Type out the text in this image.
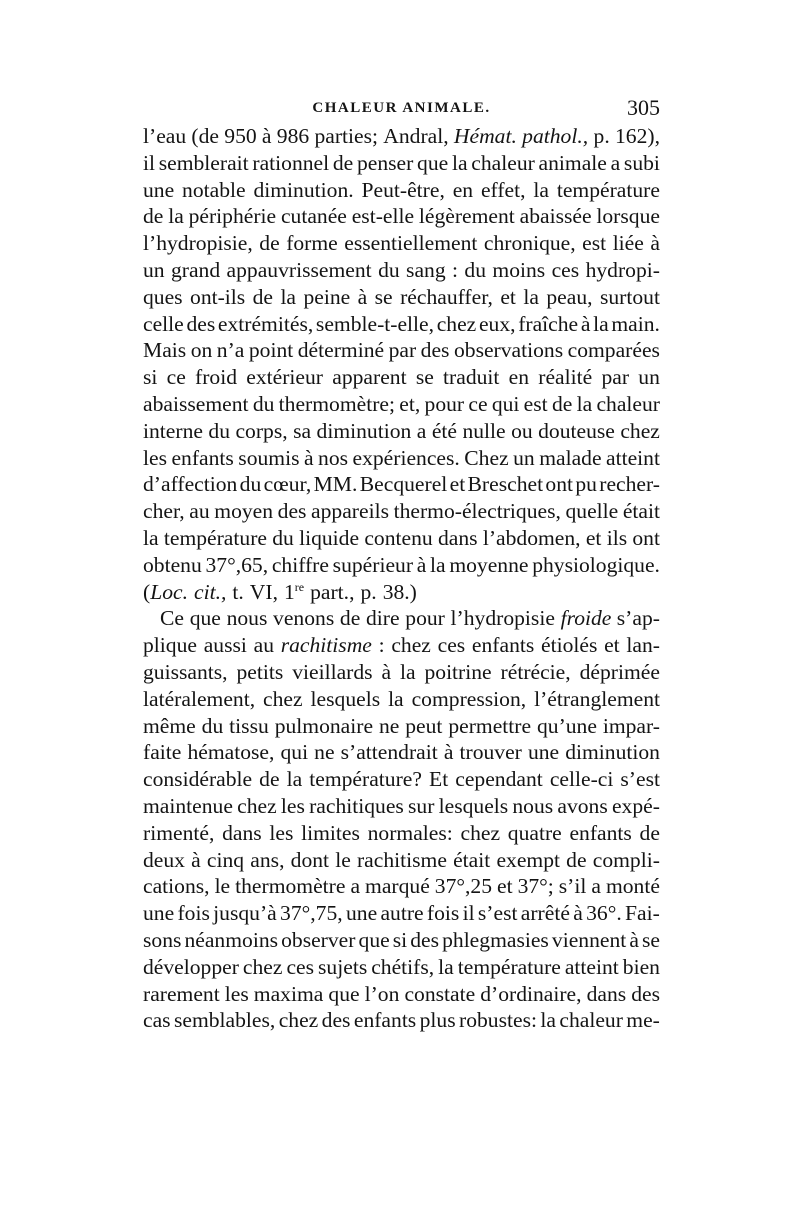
CHALEUR ANIMALE.	305
l’eau (de 950 à 986 parties; Andral, Hémat. pathol., p. 162),
il semblerait rationnel de penser que la chaleur animale a subi
une notable diminution. Peut-être, en effet, la température
de la périphérie cutanée est-elle légèrement abaissée lorsque
l’hydropisie, de forme essentiellement chronique, est liée à
un grand appauvrissement du sang : du moins ces hydropi-
ques ont-ils de la peine à se réchauffer, et la peau, surtout
celle des extrémités, semble-t-elle, chez eux, fraîche à la main.
Mais on n’a point déterminé par des observations comparées
si ce froid extérieur apparent se traduit en réalité par un
abaissement du thermomètre; et, pour ce qui est de la chaleur
interne du corps, sa diminution a été nulle ou douteuse chez
les enfants soumis à nos expériences. Chez un malade atteint
d’affection du cœur, MM. Becquerel et Breschet ont pu recher-
cher, au moyen des appareils thermo-électriques, quelle était
la température du liquide contenu dans l’abdomen, et ils ont
obtenu 37°,65, chiffre supérieur à la moyenne physiologique.
(Loc. cit., t. VI, 1re part., p. 38.)
Ce que nous venons de dire pour l’hydropisie froide s’ap-
plique aussi au rachitisme : chez ces enfants étiolés et lan-
guissants, petits vieillards à la poitrine rétrécie, déprimée
latéralement, chez lesquels la compression, l’étranglement
même du tissu pulmonaire ne peut permettre qu’une impar-
faite hématose, qui ne s’attendrait à trouver une diminution
considérable de la température? Et cependant celle-ci s’est
maintenue chez les rachitiques sur lesquels nous avons expé-
rimenté, dans les limites normales: chez quatre enfants de
deux à cinq ans, dont le rachitisme était exempt de compli-
cations, le thermomètre a marqué 37°,25 et 37°; s’il a monté
une fois jusqu’à 37°,75, une autre fois il s’est arrêté à 36°. Fai-
sons néanmoins observer que si des phlegmasies viennent à se
développer chez ces sujets chétifs, la température atteint bien
rarement les maxima que l’on constate d’ordinaire, dans des
cas semblables, chez des enfants plus robustes: la chaleur me-
